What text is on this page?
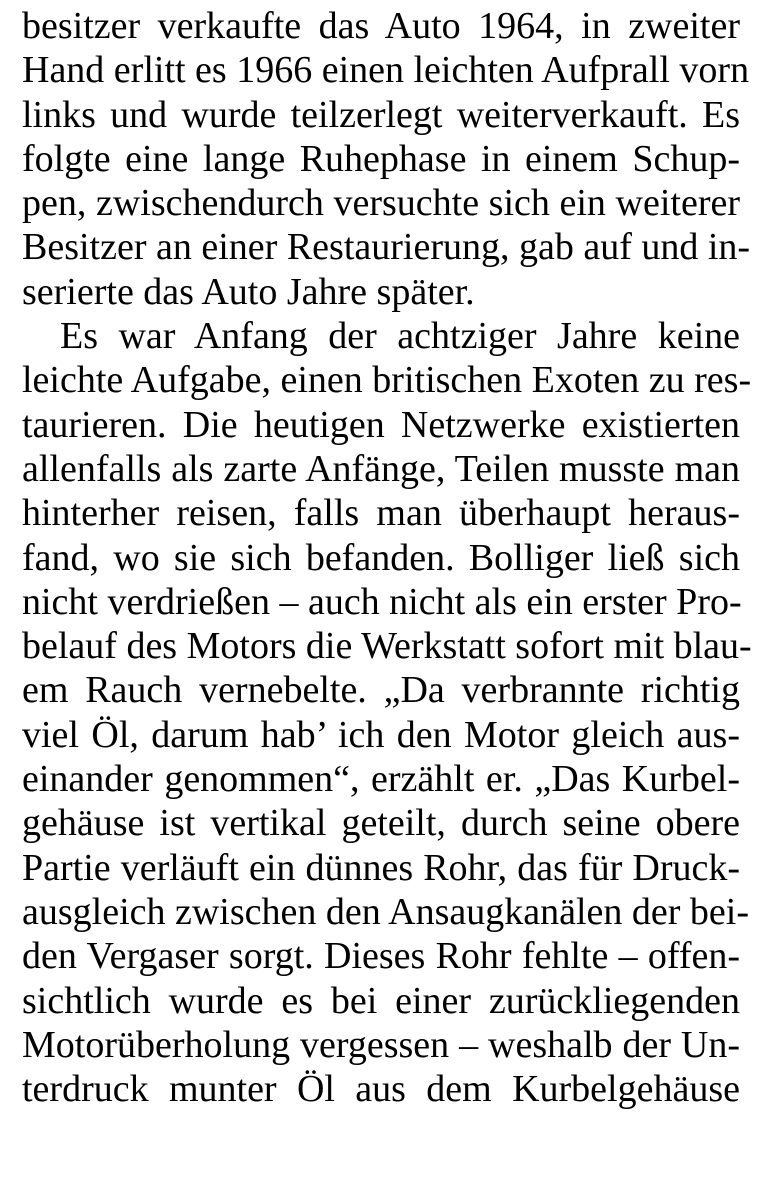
besitzer verkaufte das Auto 1964, in zweiter
Hand erlitt es 1966 einen leichten Aufprall vorn
links und wurde teilzerlegt weiterverkauft. Es
folgte eine lange Ruhephase in einem Schup-
pen, zwischendurch versuchte sich ein weiterer
Besitzer an einer Restaurierung, gab auf und in-
serierte das Auto Jahre später.
Es war Anfang der achtziger Jahre keine
leichte Aufgabe, einen britischen Exoten zu res-
taurieren. Die heutigen Netzwerke existierten
allenfalls als zarte Anfänge, Teilen musste man
hinterher reisen, falls man überhaupt heraus-
fand, wo sie sich befanden. Bolliger ließ sich
nicht verdrießen – auch nicht als ein erster Pro-
belauf des Motors die Werkstatt sofort mit blau-
em Rauch vernebelte. „Da verbrannte richtig
viel Öl, darum hab’ ich den Motor gleich aus-
einander genommen“, erzählt er. „Das Kurbel-
gehäuse ist vertikal geteilt, durch seine obere
Partie verläuft ein dünnes Rohr, das für Druck-
ausgleich zwischen den Ansaugkanälen der bei-
den Vergaser sorgt. Dieses Rohr fehlte – offen-
sichtlich wurde es bei einer zurückliegenden
Motorüberholung vergessen – weshalb der Un-
terdruck munter Öl aus dem Kurbelgehäuse
